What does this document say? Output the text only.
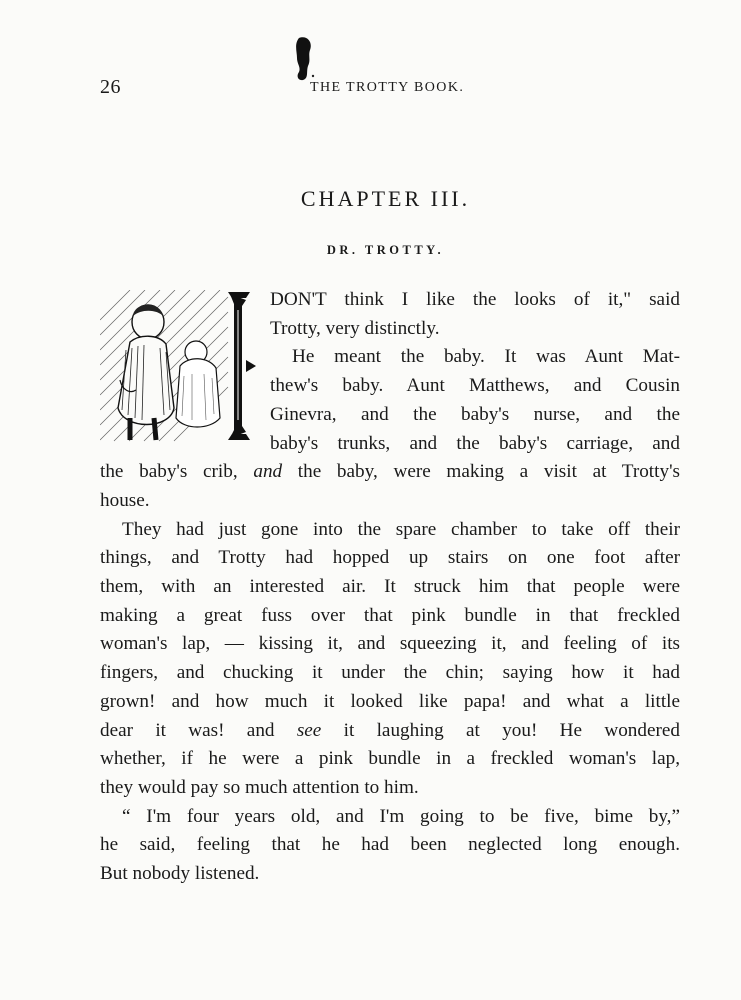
26	THE TROTTY BOOK.
CHAPTER III.
DR. TROTTY.
I	DON'T think I like the looks of it," said
Trotty, very distinctly.

He meant the baby. It was Aunt Mat-
thew's baby. Aunt Matthews, and Cousin
Ginevra, and the baby's nurse, and the
baby's trunks, and the baby's carriage, and
the baby's crib, and the baby, were making a visit at Trotty's
house.

They had just gone into the spare chamber to take off their
things, and Trotty had hopped up stairs on one foot after
them, with an interested air. It struck him that people were
making a great fuss over that pink bundle in that freckled
woman's lap, — kissing it, and squeezing it, and feeling of its
fingers, and chucking it under the chin; saying how it had
grown! and how much it looked like papa! and what a little
dear it was! and see it laughing at you! He wondered
whether, if he were a pink bundle in a freckled woman's lap,
they would pay so much attention to him.

“ I'm four years old, and I'm going to be five, bime by,”
he said, feeling that he had been neglected long enough.
But nobody listened.
